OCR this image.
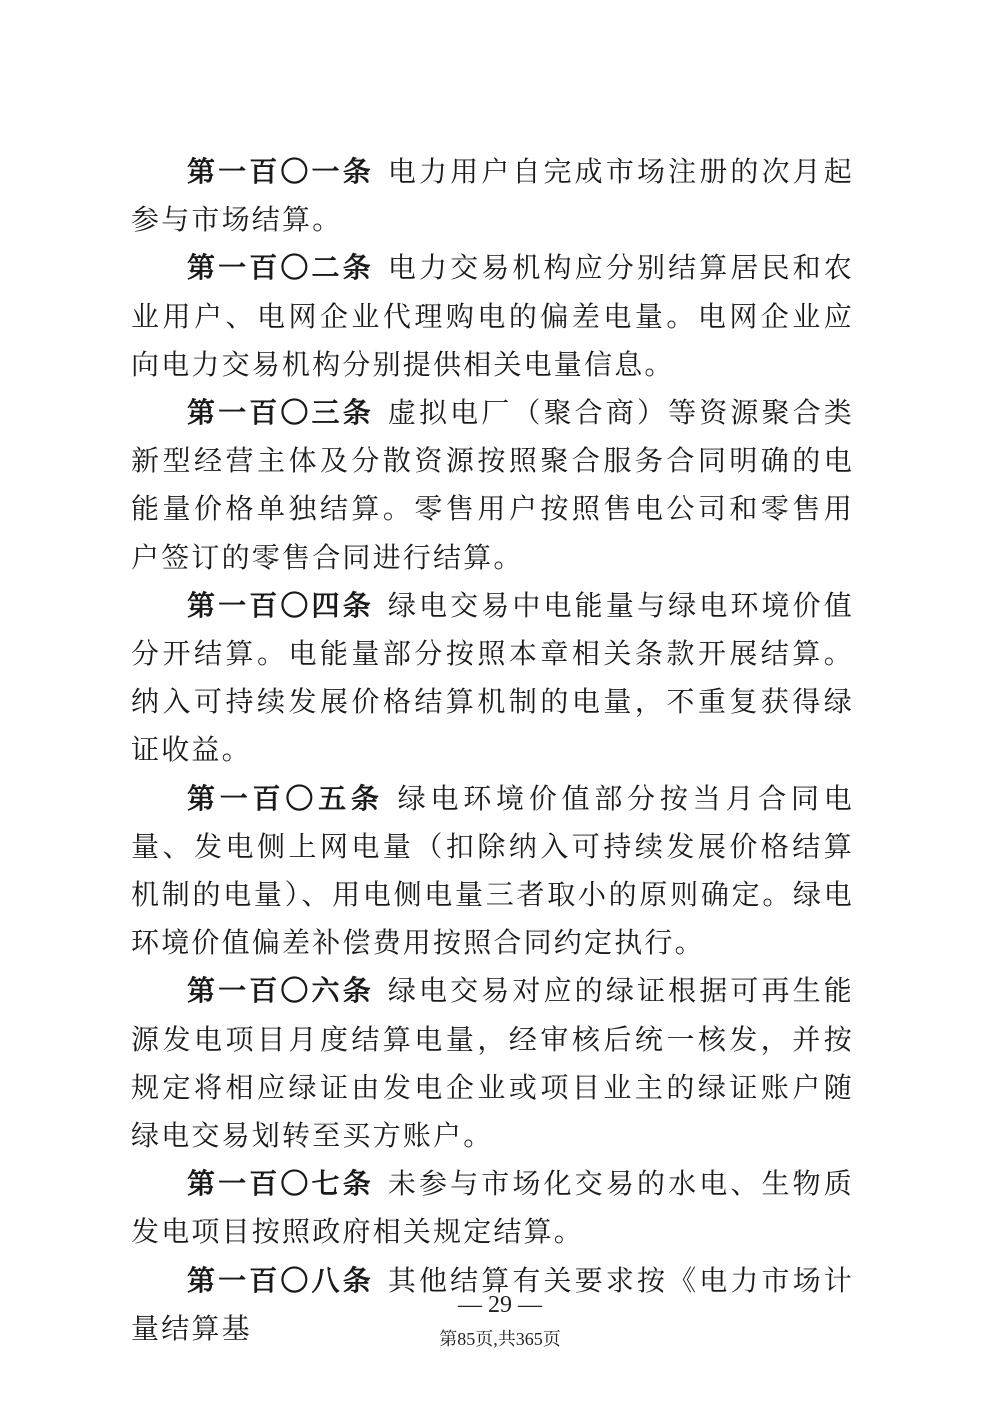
第一百〇一条 电力用户自完成市场注册的次月起参与市场结算。

第一百〇二条 电力交易机构应分别结算居民和农业用户、电网企业代理购电的偏差电量。电网企业应向电力交易机构分别提供相关电量信息。

第一百〇三条 虚拟电厂（聚合商）等资源聚合类新型经营主体及分散资源按照聚合服务合同明确的电能量价格单独结算。零售用户按照售电公司和零售用户签订的零售合同进行结算。

第一百〇四条 绿电交易中电能量与绿电环境价值分开结算。电能量部分按照本章相关条款开展结算。纳入可持续发展价格结算机制的电量，不重复获得绿证收益。

第一百〇五条 绿电环境价值部分按当月合同电量、发电侧上网电量（扣除纳入可持续发展价格结算机制的电量）、用电侧电量三者取小的原则确定。绿电环境价值偏差补偿费用按照合同约定执行。

第一百〇六条 绿电交易对应的绿证根据可再生能源发电项目月度结算电量，经审核后统一核发，并按规定将相应绿证由发电企业或项目业主的绿证账户随绿电交易划转至买方账户。

第一百〇七条 未参与市场化交易的水电、生物质发电项目按照政府相关规定结算。

第一百〇八条 其他结算有关要求按《电力市场计量结算基

— 29 —
第85页,共365页
